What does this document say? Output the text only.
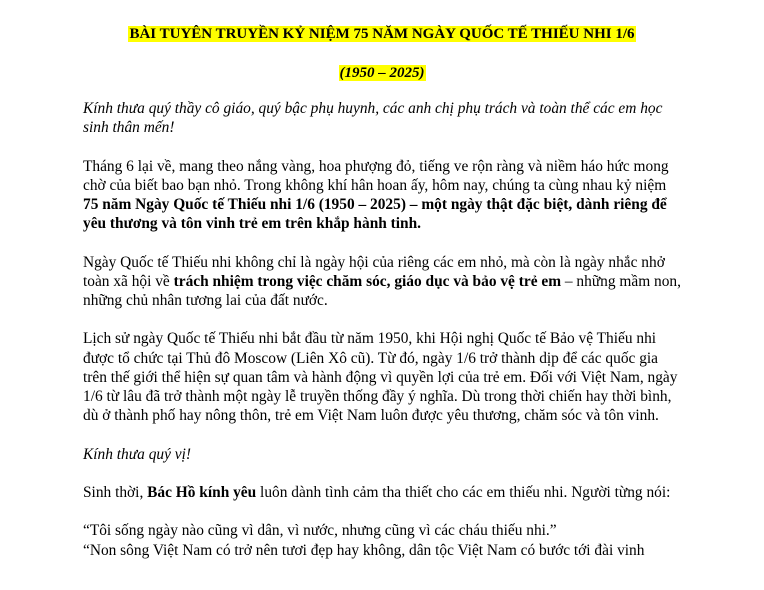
BÀI TUYÊN TRUYỀN KỶ NIỆM 75 NĂM NGÀY QUỐC TẾ THIẾU NHI 1/6
(1950 – 2025)

Kính thưa quý thầy cô giáo, quý bậc phụ huynh, các anh chị phụ trách và toàn thể các em học sinh thân mến!

Tháng 6 lại về, mang theo nắng vàng, hoa phượng đỏ, tiếng ve rộn ràng và niềm háo hức mong chờ của biết bao bạn nhỏ. Trong không khí hân hoan ấy, hôm nay, chúng ta cùng nhau kỷ niệm 75 năm Ngày Quốc tế Thiếu nhi 1/6 (1950 – 2025) – một ngày thật đặc biệt, dành riêng để yêu thương và tôn vinh trẻ em trên khắp hành tinh.

Ngày Quốc tế Thiếu nhi không chỉ là ngày hội của riêng các em nhỏ, mà còn là ngày nhắc nhở toàn xã hội về trách nhiệm trong việc chăm sóc, giáo dục và bảo vệ trẻ em – những mầm non, những chủ nhân tương lai của đất nước.

Lịch sử ngày Quốc tế Thiếu nhi bắt đầu từ năm 1950, khi Hội nghị Quốc tế Bảo vệ Thiếu nhi được tổ chức tại Thủ đô Moscow (Liên Xô cũ). Từ đó, ngày 1/6 trở thành dịp để các quốc gia trên thế giới thể hiện sự quan tâm và hành động vì quyền lợi của trẻ em. Đối với Việt Nam, ngày 1/6 từ lâu đã trở thành một ngày lễ truyền thống đầy ý nghĩa. Dù trong thời chiến hay thời bình, dù ở thành phố hay nông thôn, trẻ em Việt Nam luôn được yêu thương, chăm sóc và tôn vinh.

Kính thưa quý vị!

Sinh thời, Bác Hồ kính yêu luôn dành tình cảm tha thiết cho các em thiếu nhi. Người từng nói:

“Tôi sống ngày nào cũng vì dân, vì nước, nhưng cũng vì các cháu thiếu nhi.”

“Non sông Việt Nam có trở nên tươi đẹp hay không, dân tộc Việt Nam có bước tới đài vinh
